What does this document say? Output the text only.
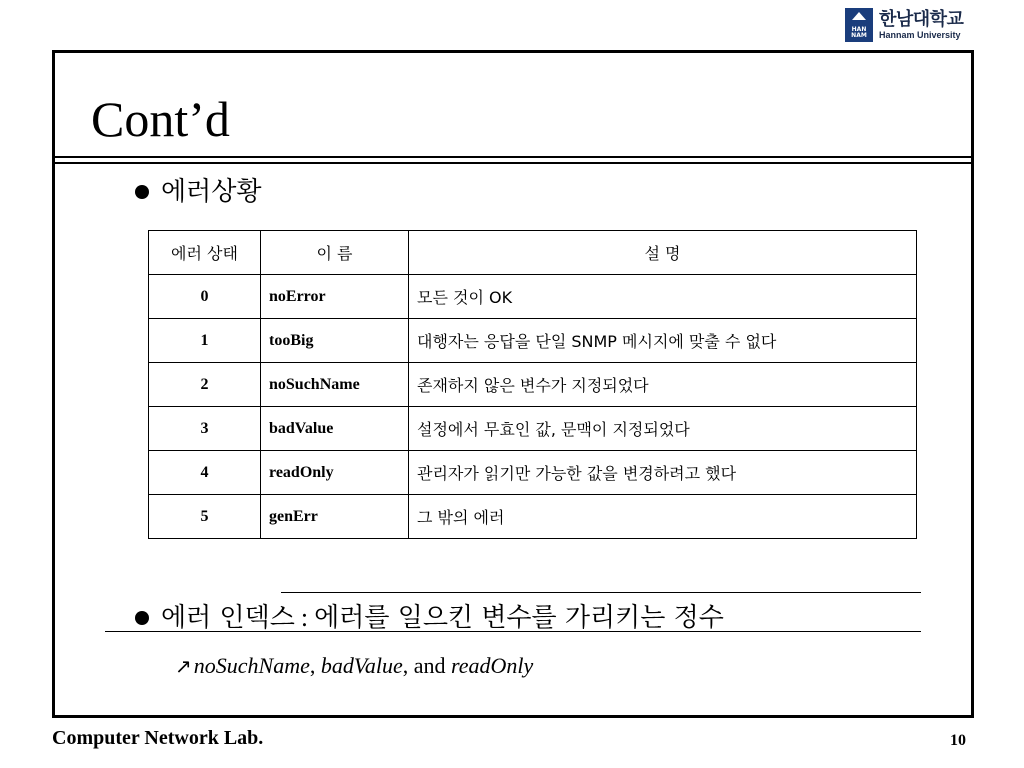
HAN NAM
한남대학교
Hannam University
Cont’d
에러상황
에러 상태	이 름	설 명
0	noError	모든 것이 OK
1	tooBig	대행자는 응답을 단일 SNMP 메시지에 맞출 수 없다
2	noSuchName	존재하지 않은 변수가 지정되었다
3	badValue	설정에서 무효인 값, 문맥이 지정되었다
4	readOnly	관리자가 읽기만 가능한 값을 변경하려고 했다
5	genErr	그 밖의 에러
에러 인덱스 : 에러를 일으킨 변수를 가리키는 정수
↗ noSuchName , badValue , and readOnly
Computer Network Lab.	10
